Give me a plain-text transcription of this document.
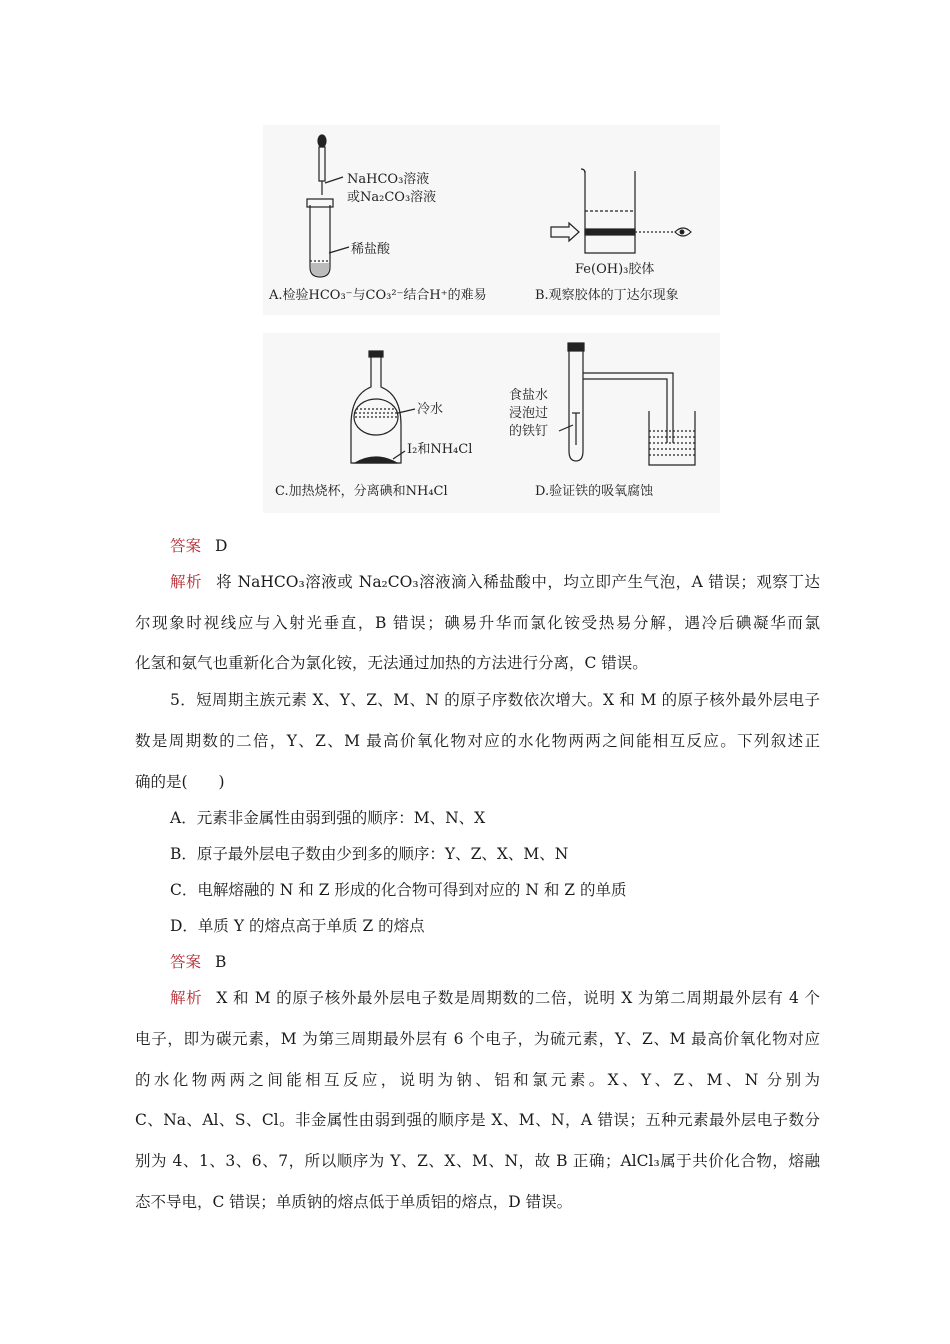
NaHCO₃溶液
或Na₂CO₃溶液
稀盐酸
A.检验HCO₃⁻与CO₃²⁻结合H⁺的难易
Fe(OH)₃胶体
B.观察胶体的丁达尔现象
冷水
I₂和NH₄Cl
C.加热烧杯，分离碘和NH₄Cl
食盐水
浸泡过
的铁钉
D.验证铁的吸氧腐蚀
答案 D
解析 将 NaHCO₃溶液或 Na₂CO₃溶液滴入稀盐酸中，均立即产生气泡，A 错误；观察丁达
尔现象时视线应与入射光垂直，B 错误；碘易升华而氯化铵受热易分解，遇冷后碘凝华而氯
化氢和氨气也重新化合为氯化铵，无法通过加热的方法进行分离，C 错误。
5．短周期主族元素 X、Y、Z、M、N 的原子序数依次增大。X 和 M 的原子核外最外层电子
数是周期数的二倍，Y、Z、M 最高价氧化物对应的水化物两两之间能相互反应。下列叙述正
确的是(　　)
A．元素非金属性由弱到强的顺序：M、N、X
B．原子最外层电子数由少到多的顺序：Y、Z、X、M、N
C．电解熔融的 N 和 Z 形成的化合物可得到对应的 N 和 Z 的单质
D．单质 Y 的熔点高于单质 Z 的熔点
答案 B
解析 X 和 M 的原子核外最外层电子数是周期数的二倍，说明 X 为第二周期最外层有 4 个
电子，即为碳元素，M 为第三周期最外层有 6 个电子，为硫元素，Y、Z、M 最高价氧化物对应
的水化物两两之间能相互反应，说明为钠、铝和氯元素。X、Y、Z、M、N 分别为
C、Na、Al、S、Cl。非金属性由弱到强的顺序是 X、M、N，A 错误；五种元素最外层电子数分
别为 4、1、3、6、7，所以顺序为 Y、Z、X、M、N，故 B 正确；AlCl₃属于共价化合物，熔融
态不导电，C 错误；单质钠的熔点低于单质铝的熔点，D 错误。
